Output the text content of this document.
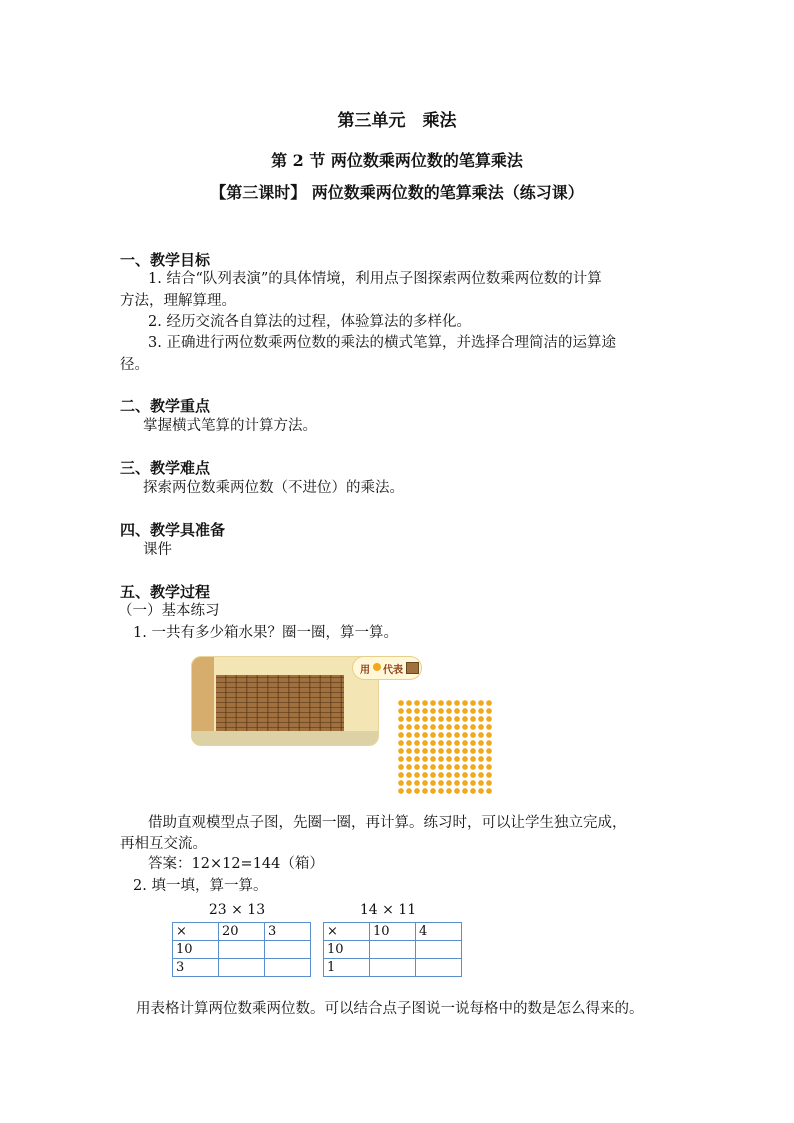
第三单元　乘法
第 2 节 两位数乘两位数的笔算乘法
【第三课时】 两位数乘两位数的笔算乘法（练习课）
一、教学目标
1. 结合“队列表演”的具体情境，利用点子图探索两位数乘两位数的计算
方法，理解算理。
2. 经历交流各自算法的过程，体验算法的多样化。
3. 正确进行两位数乘两位数的乘法的横式笔算，并选择合理简洁的运算途
径。
二、教学重点
掌握横式笔算的计算方法。
三、教学难点
探索两位数乘两位数（不进位）的乘法。
四、教学具准备
课件
五、教学过程
（一）基本练习
1. 一共有多少箱水果？圈一圈，算一算。
用 代表
借助直观模型点子图，先圈一圈，再计算。练习时，可以让学生独立完成，
再相互交流。
答案：12×12=144（箱）
2. 填一填，算一算。
23 × 13
×	20	3
10		
3		
14 × 11
×	10	4
10		
1		
用表格计算两位数乘两位数。可以结合点子图说一说每格中的数是怎么得来的。
